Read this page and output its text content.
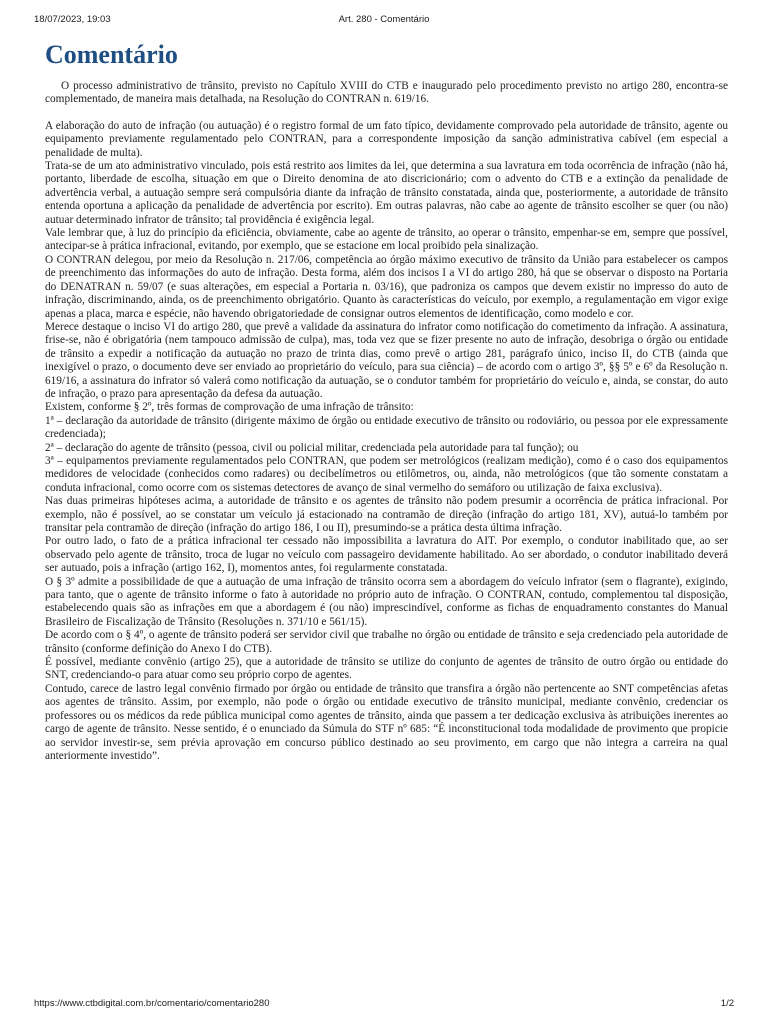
18/07/2023, 19:03	Art. 280 - Comentário
Comentário

O processo administrativo de trânsito, previsto no Capítulo XVIII do CTB e inaugurado pelo procedimento previsto no artigo 280, encontra-se complementado, de maneira mais detalhada, na Resolução do CONTRAN n. 619/16.

A elaboração do auto de infração (ou autuação) é o registro formal de um fato típico, devidamente comprovado pela autoridade de trânsito, agente ou equipamento previamente regulamentado pelo CONTRAN, para a correspondente imposição da sanção administrativa cabível (em especial a penalidade de multa).

Trata-se de um ato administrativo vinculado, pois está restrito aos limites da lei, que determina a sua lavratura em toda ocorrência de infração (não há, portanto, liberdade de escolha, situação em que o Direito denomina de ato discricionário; com o advento do CTB e a extinção da penalidade de advertência verbal, a autuação sempre será compulsória diante da infração de trânsito constatada, ainda que, posteriormente, a autoridade de trânsito entenda oportuna a aplicação da penalidade de advertência por escrito). Em outras palavras, não cabe ao agente de trânsito escolher se quer (ou não) autuar determinado infrator de trânsito; tal providência é exigência legal.

Vale lembrar que, à luz do princípio da eficiência, obviamente, cabe ao agente de trânsito, ao operar o trânsito, empenhar-se em, sempre que possível, antecipar-se à prática infracional, evitando, por exemplo, que se estacione em local proibido pela sinalização.

O CONTRAN delegou, por meio da Resolução n. 217/06, competência ao órgão máximo executivo de trânsito da União para estabelecer os campos de preenchimento das informações do auto de infração. Desta forma, além dos incisos I a VI do artigo 280, há que se observar o disposto na Portaria do DENATRAN n. 59/07 (e suas alterações, em especial a Portaria n. 03/16), que padroniza os campos que devem existir no impresso do auto de infração, discriminando, ainda, os de preenchimento obrigatório. Quanto às características do veículo, por exemplo, a regulamentação em vigor exige apenas a placa, marca e espécie, não havendo obrigatoriedade de consignar outros elementos de identificação, como modelo e cor.

Merece destaque o inciso VI do artigo 280, que prevê a validade da assinatura do infrator como notificação do cometimento da infração. A assinatura, frise-se, não é obrigatória (nem tampouco admissão de culpa), mas, toda vez que se fizer presente no auto de infração, desobriga o órgão ou entidade de trânsito a expedir a notificação da autuação no prazo de trinta dias, como prevê o artigo 281, parágrafo único, inciso II, do CTB (ainda que inexigível o prazo, o documento deve ser enviado ao proprietário do veículo, para sua ciência) – de acordo com o artigo 3º, §§ 5º e 6º da Resolução n. 619/16, a assinatura do infrator só valerá como notificação da autuação, se o condutor também for proprietário do veículo e, ainda, se constar, do auto de infração, o prazo para apresentação da defesa da autuação.

Existem, conforme § 2º, três formas de comprovação de uma infração de trânsito:

1ª – declaração da autoridade de trânsito (dirigente máximo de órgão ou entidade executivo de trânsito ou rodoviário, ou pessoa por ele expressamente credenciada);

2ª – declaração do agente de trânsito (pessoa, civil ou policial militar, credenciada pela autoridade para tal função); ou

3ª – equipamentos previamente regulamentados pelo CONTRAN, que podem ser metrológicos (realizam medição), como é o caso dos equipamentos medidores de velocidade (conhecidos como radares) ou decibelímetros ou etilômetros, ou, ainda, não metrológicos (que tão somente constatam a conduta infracional, como ocorre com os sistemas detectores de avanço de sinal vermelho do semáforo ou utilização de faixa exclusiva).

Nas duas primeiras hipóteses acima, a autoridade de trânsito e os agentes de trânsito não podem presumir a ocorrência de prática infracional. Por exemplo, não é possível, ao se constatar um veículo já estacionado na contramão de direção (infração do artigo 181, XV), autuá-lo também por transitar pela contramão de direção (infração do artigo 186, I ou II), presumindo-se a prática desta última infração.

Por outro lado, o fato de a prática infracional ter cessado não impossibilita a lavratura do AIT. Por exemplo, o condutor inabilitado que, ao ser observado pelo agente de trânsito, troca de lugar no veículo com passageiro devidamente habilitado. Ao ser abordado, o condutor inabilitado deverá ser autuado, pois a infração (artigo 162, I), momentos antes, foi regularmente constatada.

O § 3º admite a possibilidade de que a autuação de uma infração de trânsito ocorra sem a abordagem do veículo infrator (sem o flagrante), exigindo, para tanto, que o agente de trânsito informe o fato à autoridade no próprio auto de infração. O CONTRAN, contudo, complementou tal disposição, estabelecendo quais são as infrações em que a abordagem é (ou não) imprescindível, conforme as fichas de enquadramento constantes do Manual Brasileiro de Fiscalização de Trânsito (Resoluções n. 371/10 e 561/15).

De acordo com o § 4º, o agente de trânsito poderá ser servidor civil que trabalhe no órgão ou entidade de trânsito e seja credenciado pela autoridade de trânsito (conforme definição do Anexo I do CTB).

É possível, mediante convênio (artigo 25), que a autoridade de trânsito se utilize do conjunto de agentes de trânsito de outro órgão ou entidade do SNT, credenciando-o para atuar como seu próprio corpo de agentes.

Contudo, carece de lastro legal convênio firmado por órgão ou entidade de trânsito que transfira a órgão não pertencente ao SNT competências afetas aos agentes de trânsito. Assim, por exemplo, não pode o órgão ou entidade executivo de trânsito municipal, mediante convênio, credenciar os professores ou os médicos da rede pública municipal como agentes de trânsito, ainda que passem a ter dedicação exclusiva às atribuições inerentes ao cargo de agente de trânsito. Nesse sentido, é o enunciado da Súmula do STF nº 685: “É inconstitucional toda modalidade de provimento que propicie ao servidor investir-se, sem prévia aprovação em concurso público destinado ao seu provimento, em cargo que não integra a carreira na qual anteriormente investido”.

https://www.ctbdigital.com.br/comentario/comentario280	1/2
